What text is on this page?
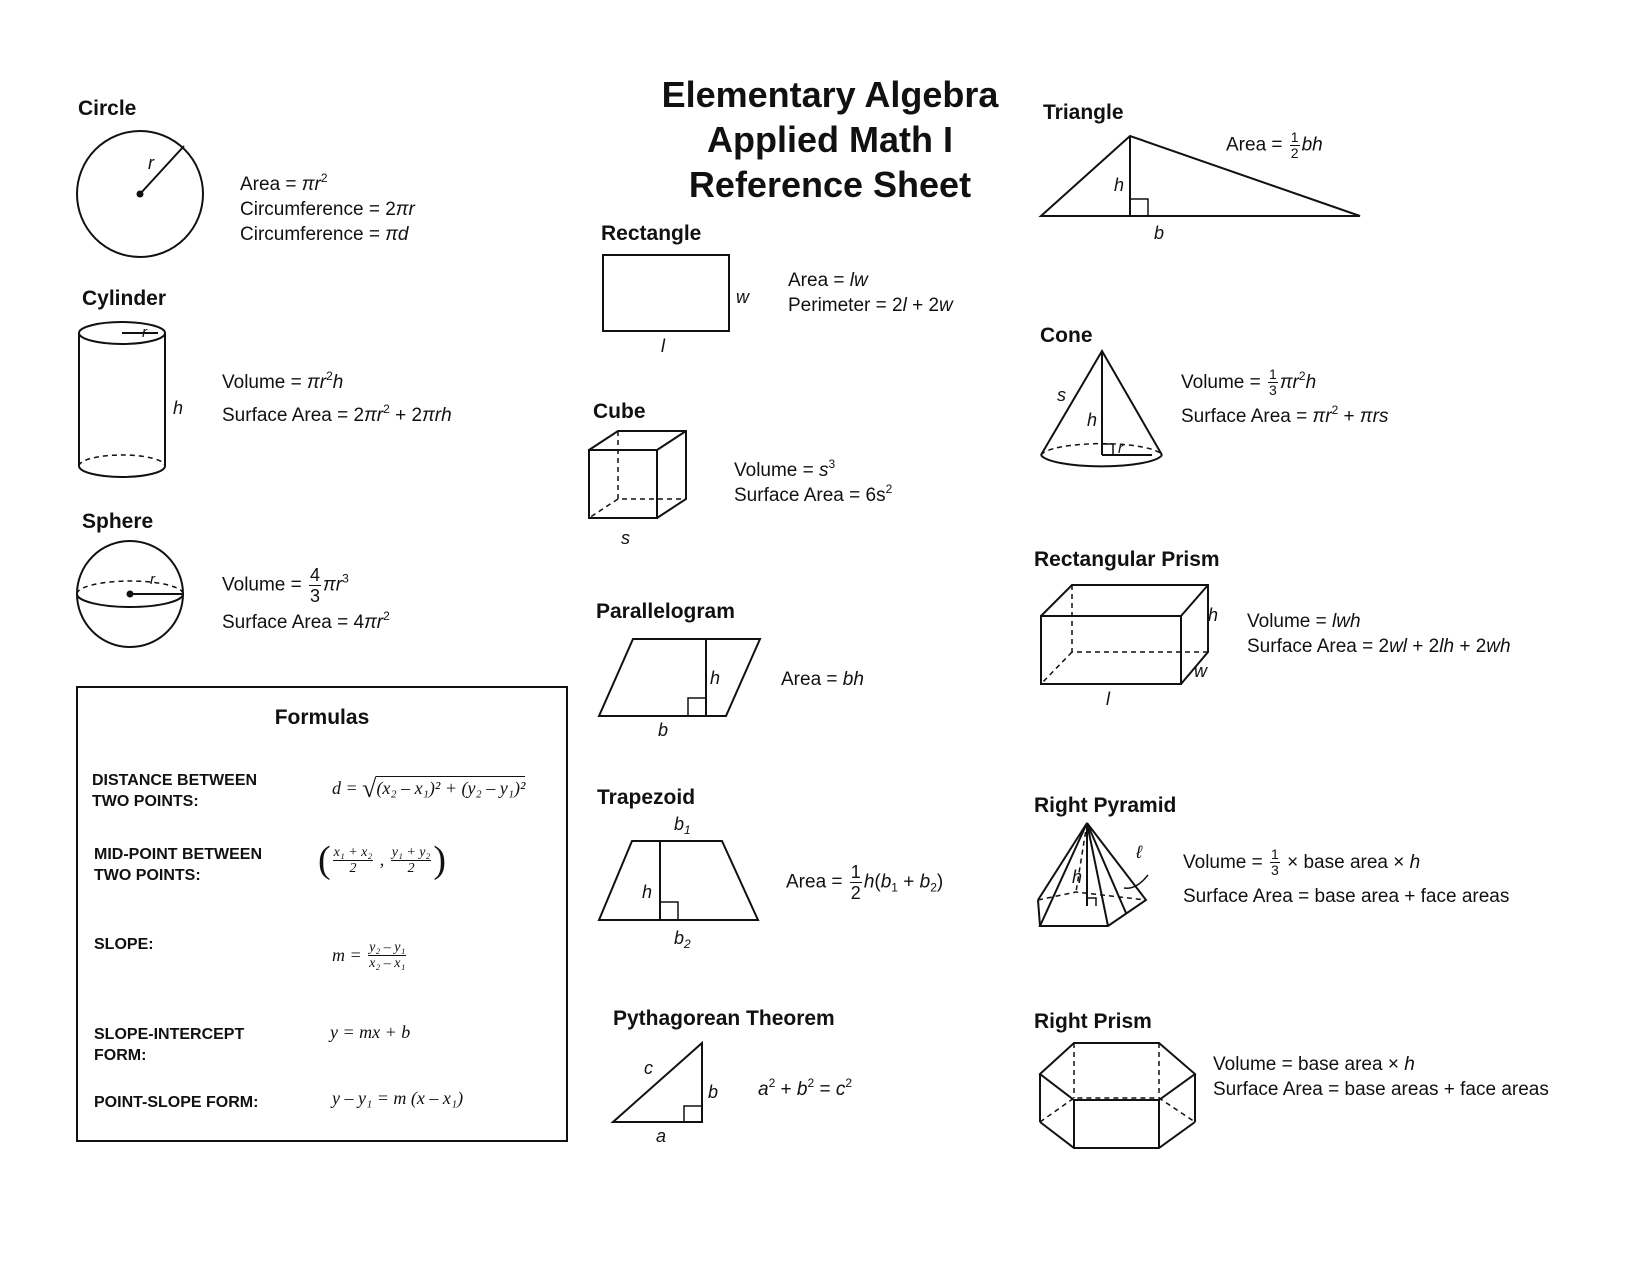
Elementary Algebra
Applied Math I
Reference Sheet
Circle
r
Area = $\pi r^2$
Circumference = 2πr
Circumference = πd
Cylinder
r
h
Volume = $\pi r^2h$
Surface Area = $2\pi r^2 + 2\pi rh$
Sphere
r	Volume = $\frac{4}{3} \pi r^3$
Surface Area = $4\pi r^2$
Formulas
DISTANCE BETWEEN
TWO POINTS:
d = √(x₂ – x₁)² + (y₂ – y₁)²
MID-POINT BETWEEN
TWO POINTS:	( $\frac{\text{x₁ + x₂}}{2}$ , $\frac{\text{y₁ + y₂}}{2}$ )
SLOPE:
$m = \frac{\text{y₂ – y₁}}{\text{x₂ – x₁}}$
SLOPE-INTERCEPT
FORM:
y = mx + b
POINT-SLOPE FORM:	y – y₁ = m (x – x₁)
Rectangle
w
l
Area = lw
Perimeter = 2l + 2w
Cube
s
Volume = $s^3$
Surface Area = $6s^2$
Parallelogram
h
b
Area = bh
Trapezoid
$b_1$
h
$b_2$
Area = $\frac{1}{2} h(b_1 + b_2)$
Pythagorean Theorem
c
b
a
$a^2 + b^2 = c^2$
Triangle
h
b
Area = $\frac{1}{2}$ bh
Cone
s
h
r
Volume = $\frac{1}{3} \pi r^2h$
Surface Area = $\pi r^2 + \pi rs$
Rectangular Prism
h
w
l
Volume = lwh
Surface Area = 2wl + 2lh + 2wh
Right Pyramid
h
ℓ Volume = $\frac{1}{3}$ × base area × h
Surface Area = base area + face areas
Right Prism
Volume = base area × h
Surface Area = base areas + face areas
